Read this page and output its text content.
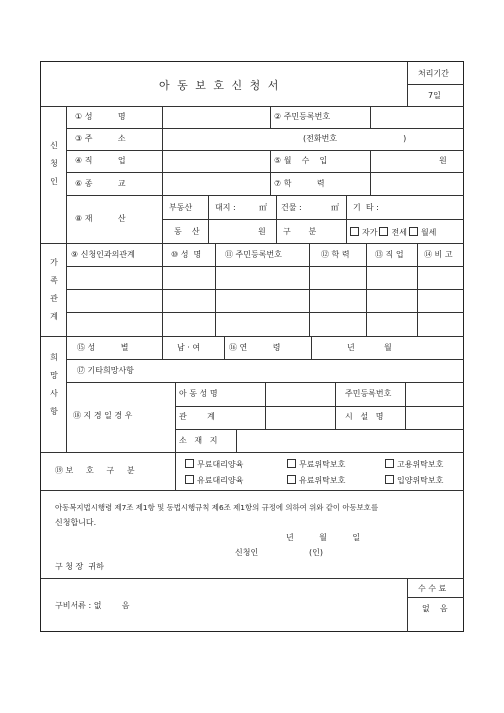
아 동 보 호 신 청 서
처리기간
7일
신
청
인
① 성          명	② 주민등록번호
③ 주          소	(전화번호                          )
④ 직          업	⑤ 월    수    입	원
⑥ 종          교	⑦ 학          력
⑧ 재          산
부동산	대지 :	㎡ 건물 :	㎡ 기  타 :
동    산	원 구       분	자가 전세 월세
가
족
관
계
⑨ 신청인과의관계	⑩ 성  명	⑪ 주민등록번호	⑫ 학 력	⑬ 직 업	⑭ 비 고
희
망
사
항
⑮ 성          별	남 · 여	⑯ 연          령	년	월
⑰ 기타희망사항
⑱ 지 경 일 경 우
아 동 성 명	주민등록번호
관        계	시   설   명
소   재   지
⑲ 보     호     구     분
무료대리양육	무료위탁보호	고용위탁보호
유료대리양육	유료위탁보호	입양위탁보호
아동복지법시행령 제7조 제1항 및 동법시행규칙 제6조 제1항의 규정에 의하여 위와 같이 아동보호를
신청합니다.
년          월          일
신청인                    (인)
구 청 장  귀하
구비서류 : 없        음
수 수 료
없    음
